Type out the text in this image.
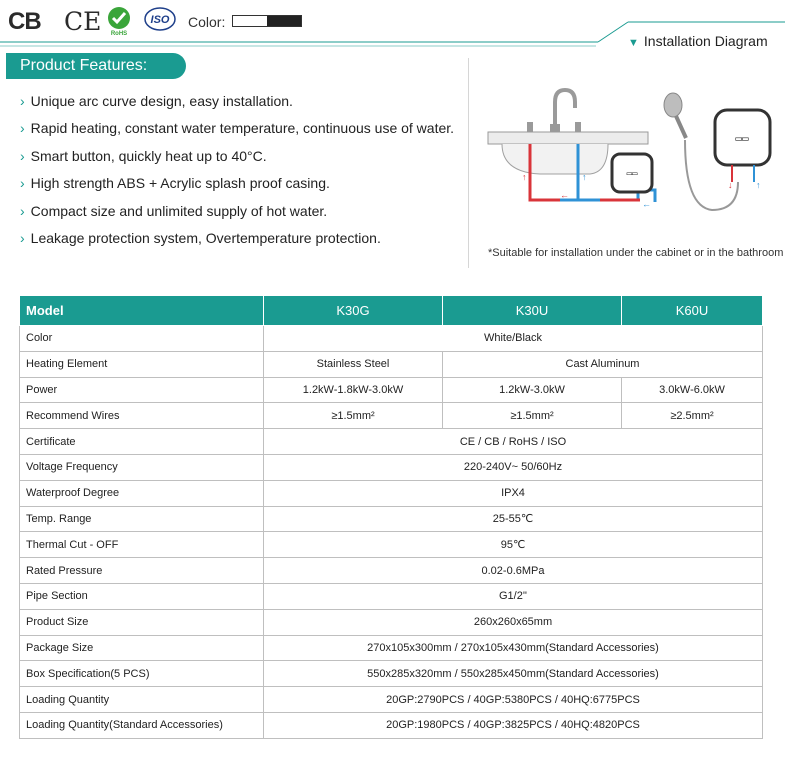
CB CE RoHS
ISO Color:
▼ Installation Diagram
Product Features:
› Unique arc curve design, easy installation.
› Rapid heating, constant water temperature, continuous use of water.
› Smart button, quickly heat up to 40°C.
› High strength ABS + Acrylic splash proof casing.
› Compact size and unlimited supply of hot water.
› Leakage protection system, Overtemperature protection.
▭▭
▭▭
↑	↑
←
←
↓	↑
*Suitable for installation under the cabinet or in the bathroom
Model	K30G	K30U	K60U
Color	White/Black		
Heating Element	Stainless Steel	Cast Aluminum	
Power	1.2kW-1.8kW-3.0kW	1.2kW-3.0kW	3.0kW-6.0kW
Recommend Wires	≥1.5mm²	≥1.5mm²	≥2.5mm²
Certificate	CE / CB / RoHS / ISO		
Voltage Frequency	220-240V~ 50/60Hz		
Waterproof Degree	IPX4		
Temp. Range	25-55℃		
Thermal Cut - OFF	95℃		
Rated Pressure	0.02-0.6MPa		
Pipe Section	G1/2''		
Product Size	260x260x65mm		
Package Size	270x105x300mm / 270x105x430mm(Standard Accessories)		
Box Specification(5 PCS)	550x285x320mm / 550x285x450mm(Standard Accessories)		
Loading Quantity	20GP:2790PCS / 40GP:5380PCS / 40HQ:6775PCS		
Loading Quantity(Standard Accessories)	20GP:1980PCS / 40GP:3825PCS / 40HQ:4820PCS		
